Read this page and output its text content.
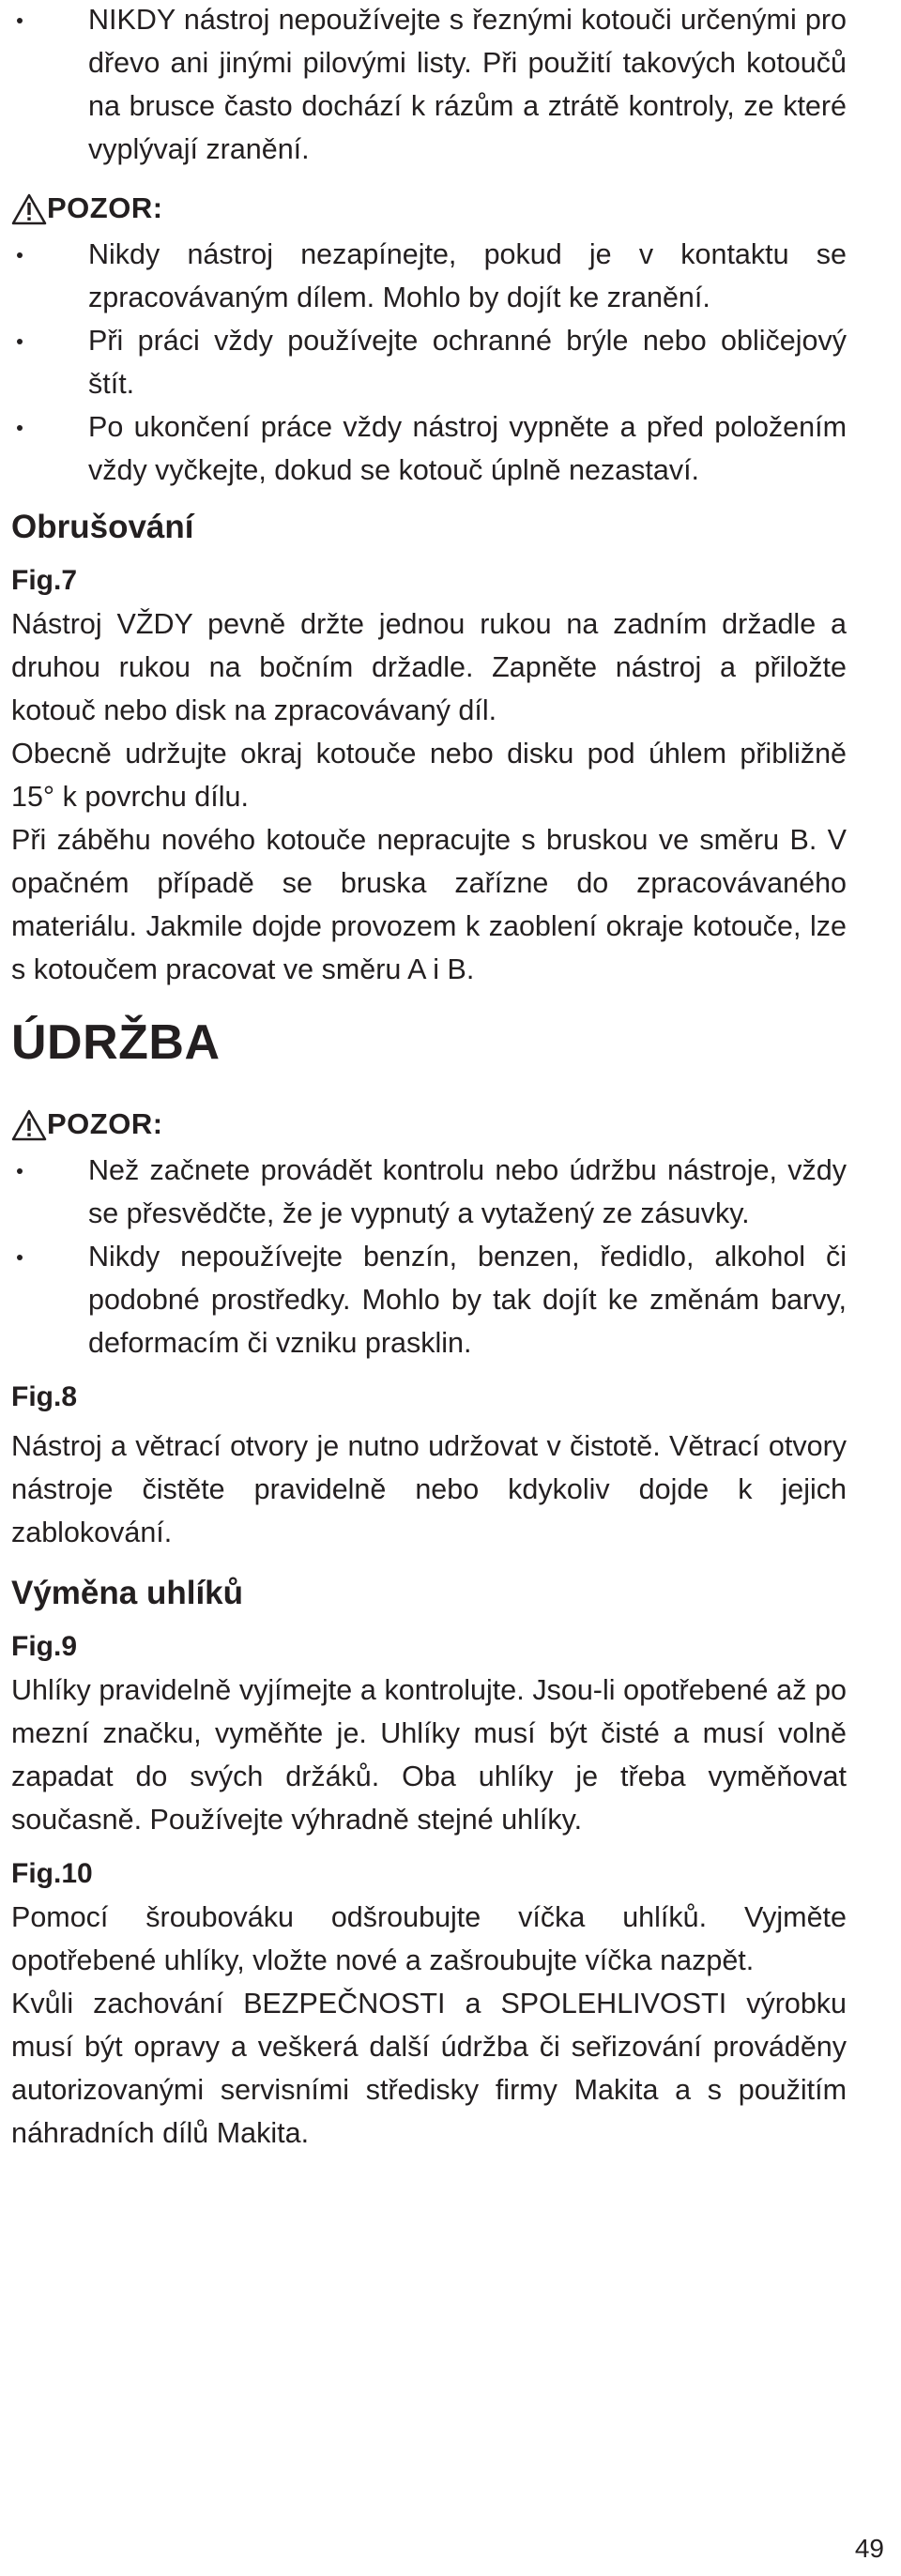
NIKDY nástroj nepoužívejte s řeznými kotouči určenými pro dřevo ani jinými pilovými listy. Při použití takových kotoučů na brusce často dochází k rázům a ztrátě kontroly, ze které vyplývají zranění.
POZOR:
Nikdy nástroj nezapínejte, pokud je v kontaktu se zpracovávaným dílem. Mohlo by dojít ke zranění.
Při práci vždy používejte ochranné brýle nebo obličejový štít.
Po ukončení práce vždy nástroj vypněte a před položením vždy vyčkejte, dokud se kotouč úplně nezastaví.

Obrušování

Fig.7

Nástroj VŽDY pevně držte jednou rukou na zadním držadle a druhou rukou na bočním držadle. Zapněte nástroj a přiložte kotouč nebo disk na zpracovávaný díl.

Obecně udržujte okraj kotouče nebo disku pod úhlem přibližně 15° k povrchu dílu.

Při záběhu nového kotouče nepracujte s bruskou ve směru B. V opačném případě se bruska zařízne do zpracovávaného materiálu. Jakmile dojde provozem k zaoblení okraje kotouče, lze s kotoučem pracovat ve směru A i B.

ÚDRŽBA

POZOR:
Než začnete provádět kontrolu nebo údržbu nástroje, vždy se přesvědčte, že je vypnutý a vytažený ze zásuvky.
Nikdy nepoužívejte benzín, benzen, ředidlo, alkohol či podobné prostředky. Mohlo by tak dojít ke změnám barvy, deformacím či vzniku prasklin.

Fig.8

Nástroj a větrací otvory je nutno udržovat v čistotě. Větrací otvory nástroje čistěte pravidelně nebo kdykoliv dojde k jejich zablokování.

Výměna uhlíků

Fig.9

Uhlíky pravidelně vyjímejte a kontrolujte. Jsou-li opotřebené až po mezní značku, vyměňte je. Uhlíky musí být čisté a musí volně zapadat do svých držáků. Oba uhlíky je třeba vyměňovat současně. Používejte výhradně stejné uhlíky.

Fig.10

Pomocí šroubováku odšroubujte víčka uhlíků. Vyjměte opotřebené uhlíky, vložte nové a zašroubujte víčka nazpět.

Kvůli zachování BEZPEČNOSTI a SPOLEHLIVOSTI výrobku musí být opravy a veškerá další údržba či seřizování prováděny autorizovanými servisními středisky firmy Makita a s použitím náhradních dílů Makita.

49
